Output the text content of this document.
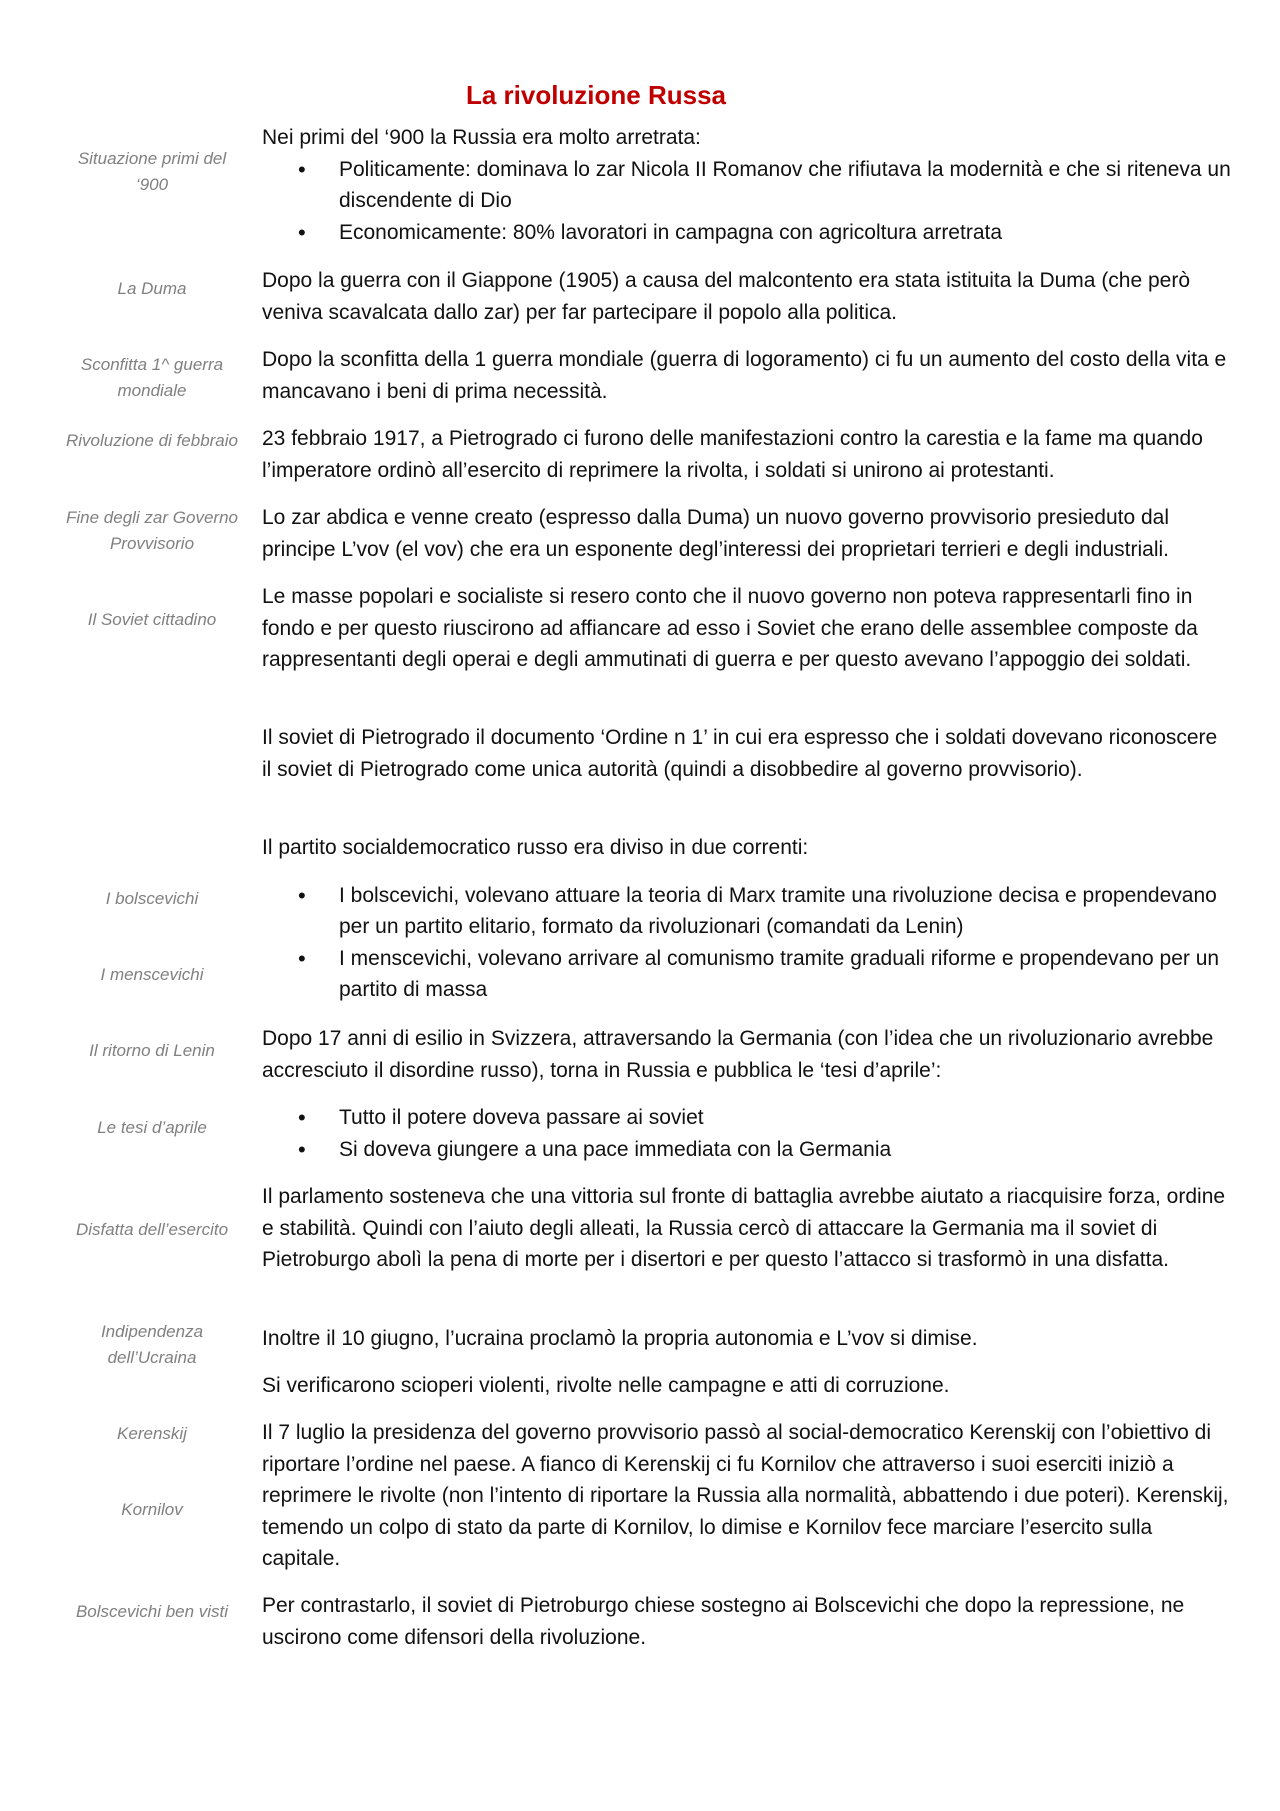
La rivoluzione Russa
Situazione primi del ‘900
La Duma
Sconfitta 1^ guerra mondiale
Rivoluzione di febbraio
Fine degli zar Governo Provvisorio
Il Soviet cittadino
I bolscevichi
I menscevichi
Il ritorno di Lenin
Le tesi d’aprile
Disfatta dell’esercito
Indipendenza dell’Ucraina
Kerenskij
Kornilov
Bolscevichi ben visti

Nei primi del ‘900 la Russia era molto arretrata:

• Politicamente: dominava lo zar Nicola II Romanov che rifiutava la modernità e che si riteneva un discendente di Dio
• Economicamente: 80% lavoratori in campagna con agricoltura arretrata
Dopo la guerra con il Giappone (1905) a causa del malcontento era stata istituita la Duma (che però veniva scavalcata dallo zar) per far partecipare il popolo alla politica.
Dopo la sconfitta della 1 guerra mondiale (guerra di logoramento) ci fu un aumento del costo della vita e mancavano i beni di prima necessità.
23 febbraio 1917, a Pietrogrado ci furono delle manifestazioni contro la carestia e la fame ma quando l’imperatore ordinò all’esercito di reprimere la rivolta, i soldati si unirono ai protestanti.
Lo zar abdica e venne creato (espresso dalla Duma) un nuovo governo provvisorio presieduto dal principe L’vov (el vov) che era un esponente degl’interessi dei proprietari terrieri e degli industriali.
Le masse popolari e socialiste si resero conto che il nuovo governo non poteva rappresentarli fino in fondo e per questo riuscirono ad affiancare ad esso i Soviet che erano delle assemblee composte da rappresentanti degli operai e degli ammutinati di guerra e per questo avevano l’appoggio dei soldati.
Il soviet di Pietrogrado il documento ‘Ordine n 1’ in cui era espresso che i soldati dovevano riconoscere il soviet di Pietrogrado come unica autorità (quindi a disobbedire al governo provvisorio).

Il partito socialdemocratico russo era diviso in due correnti:

• I bolscevichi, volevano attuare la teoria di Marx tramite una rivoluzione decisa e propendevano per un partito elitario, formato da rivoluzionari (comandati da Lenin)
• I menscevichi, volevano arrivare al comunismo tramite graduali riforme e propendevano per un partito di massa

Dopo 17 anni di esilio in Svizzera, attraversando la Germania (con l’idea che un rivoluzionario avrebbe accresciuto il disordine russo), torna in Russia e pubblica le ‘tesi d’aprile’:

• Tutto il potere doveva passare ai soviet
• Si doveva giungere a una pace immediata con la Germania
Il parlamento sosteneva che una vittoria sul fronte di battaglia avrebbe aiutato a riacquisire forza, ordine e stabilità. Quindi con l’aiuto degli alleati, la Russia cercò di attaccare la Germania ma il soviet di Pietroburgo abolì la pena di morte per i disertori e per questo l’attacco si trasformò in una disfatta.
Inoltre il 10 giugno, l’ucraina proclamò la propria autonomia e L’vov si dimise.
Si verificarono scioperi violenti, rivolte nelle campagne e atti di corruzione.
Il 7 luglio la presidenza del governo provvisorio passò al social-democratico Kerenskij con l’obiettivo di riportare l’ordine nel paese. A fianco di Kerenskij ci fu Kornilov che attraverso i suoi eserciti iniziò a reprimere le rivolte (non l’intento di riportare la Russia alla normalità, abbattendo i due poteri). Kerenskij, temendo un colpo di stato da parte di Kornilov, lo dimise e Kornilov fece marciare l’esercito sulla capitale.
Per contrastarlo, il soviet di Pietroburgo chiese sostegno ai Bolscevichi che dopo la repressione, ne uscirono come difensori della rivoluzione.
